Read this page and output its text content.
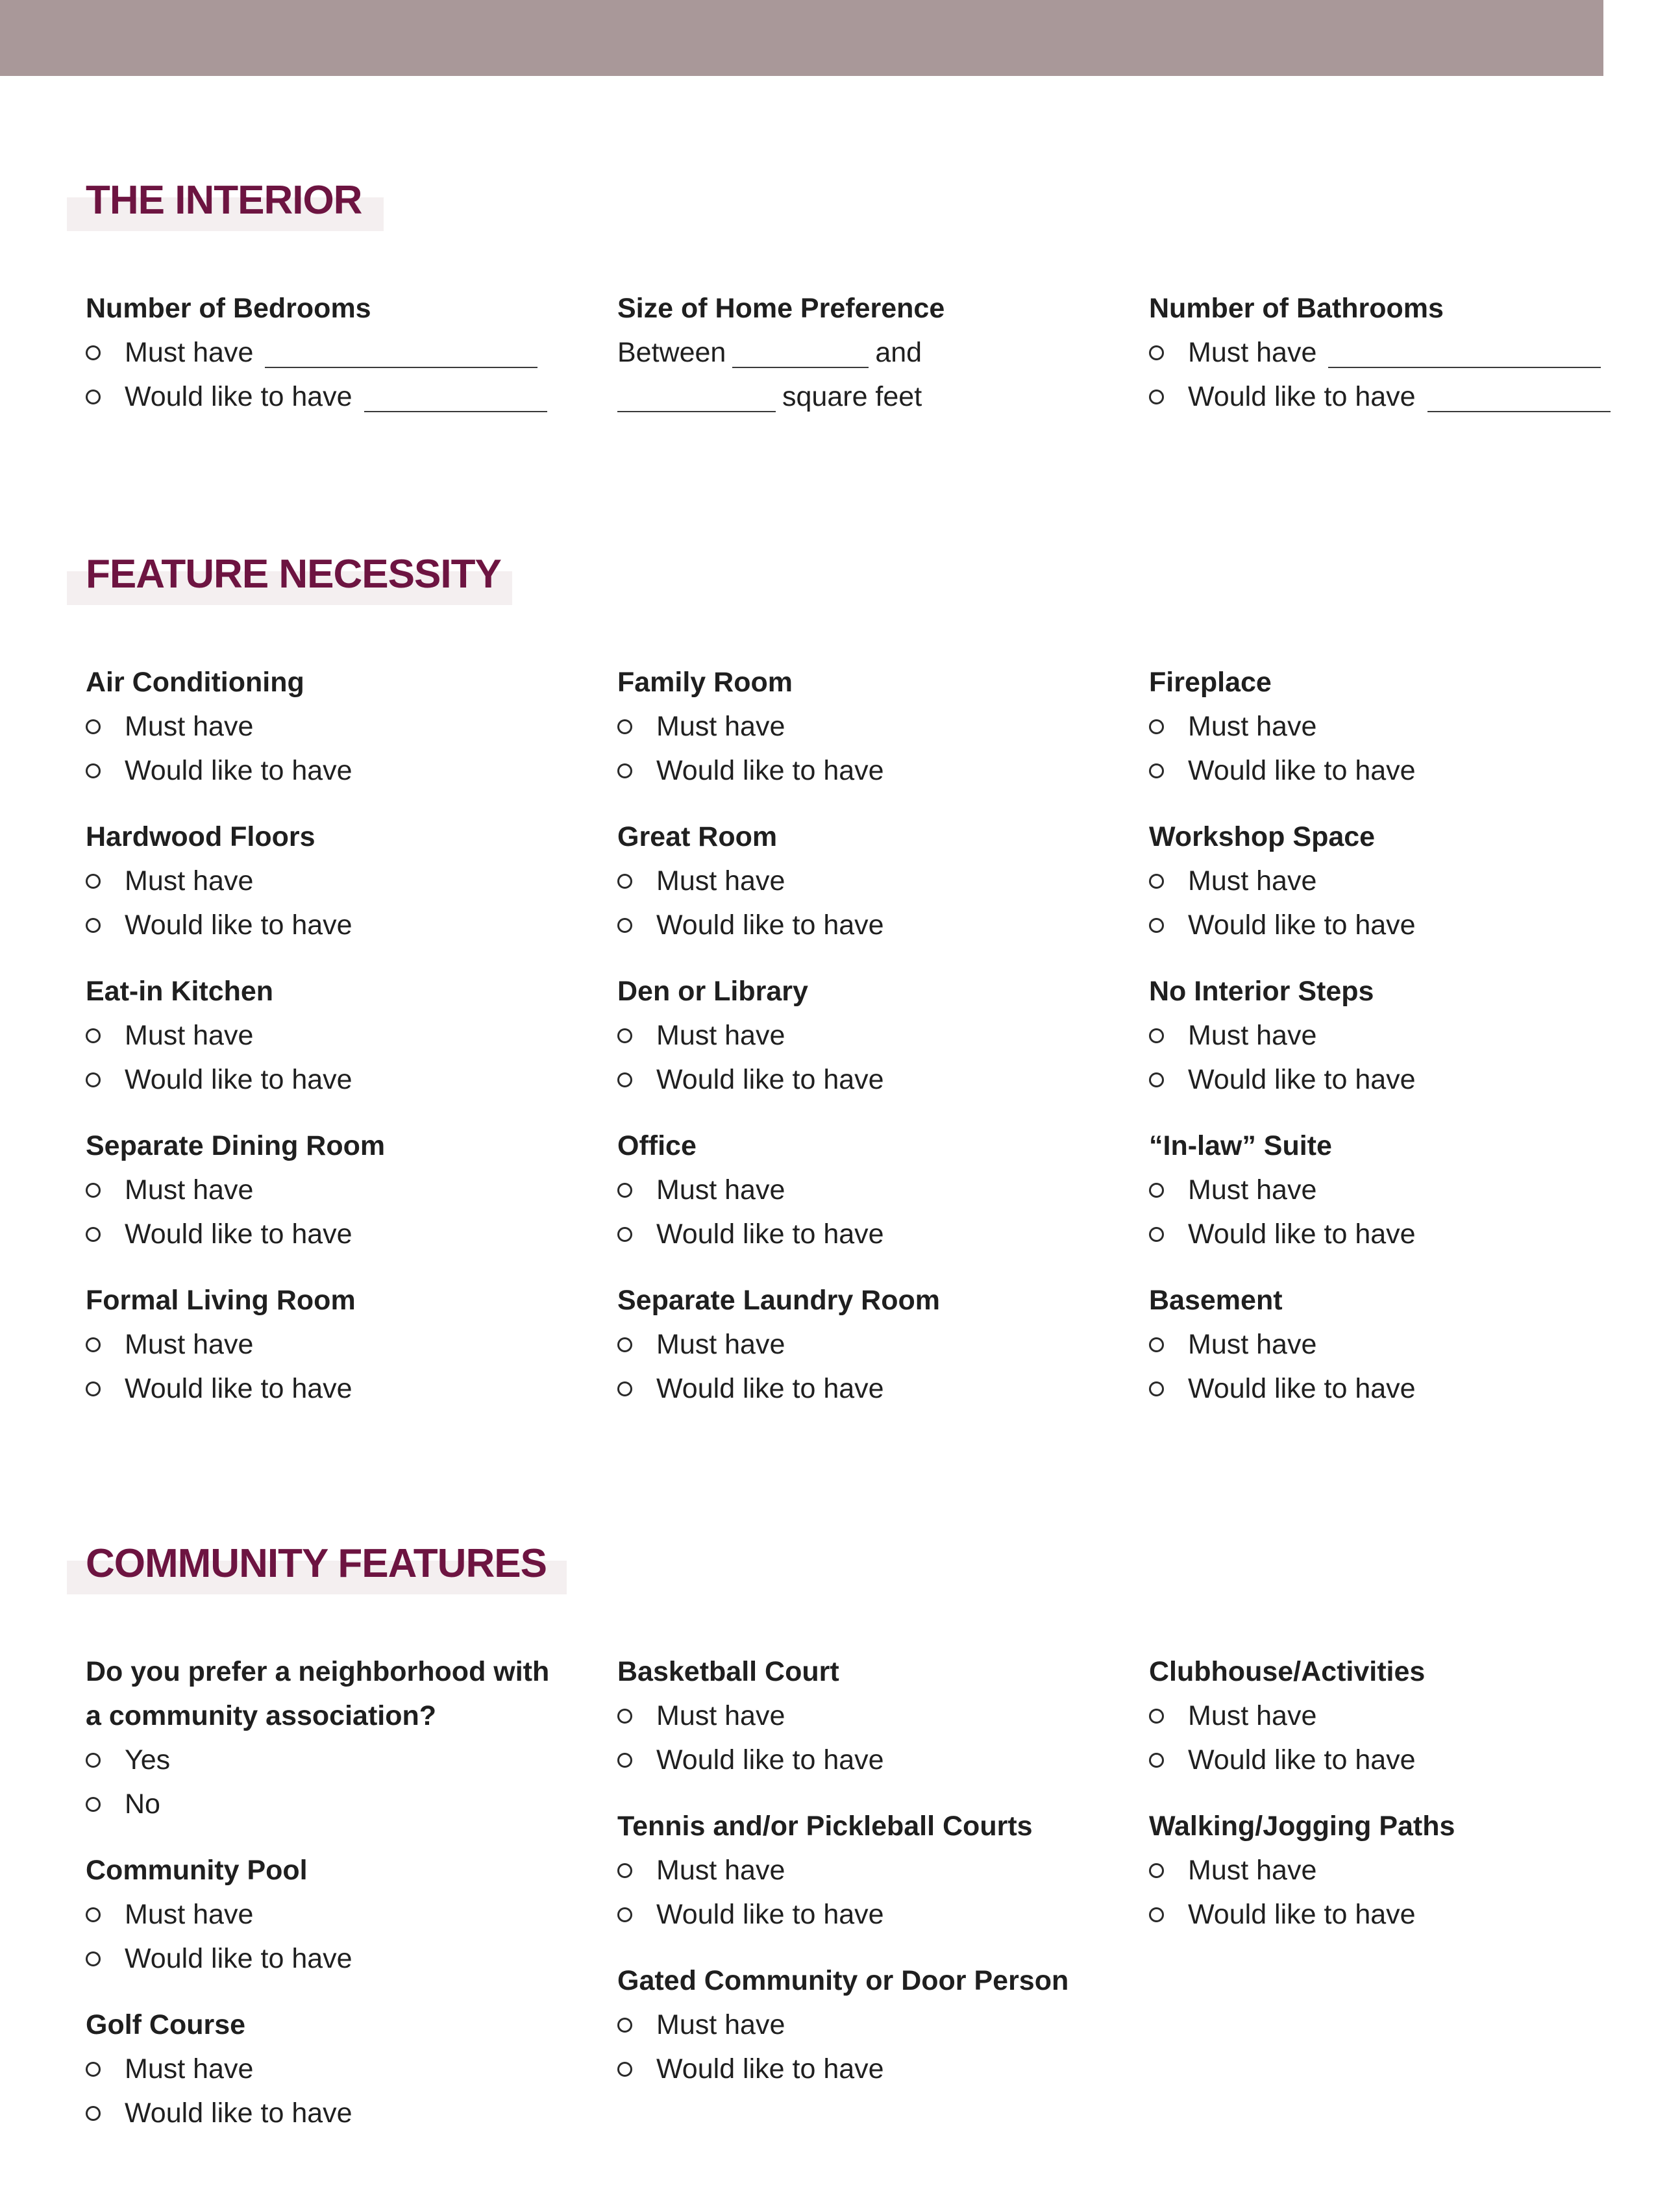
THE INTERIOR
Number of Bedrooms
Must have
Would like to have
Size of Home Preference
Between	and
square feet
Number of Bathrooms
Must have
Would like to have
FEATURE NECESSITY
Air Conditioning
Must have
Would like to have
Hardwood Floors
Must have
Would like to have
Eat-in Kitchen
Must have
Would like to have
Separate Dining Room
Must have
Would like to have
Formal Living Room
Must have
Would like to have
Family Room
Must have
Would like to have
Great Room
Must have
Would like to have
Den or Library
Must have
Would like to have
Office
Must have
Would like to have
Separate Laundry Room
Must have
Would like to have
Fireplace
Must have
Would like to have
Workshop Space
Must have
Would like to have
No Interior Steps
Must have
Would like to have
“In-law” Suite
Must have
Would like to have
Basement
Must have
Would like to have
COMMUNITY FEATURES
Do you prefer a neighborhood with a community association?
Yes
No
Community Pool
Must have
Would like to have
Golf Course
Must have
Would like to have
Basketball Court
Must have
Would like to have
Tennis and/or Pickleball Courts
Must have
Would like to have
Gated Community or Door Person
Must have
Would like to have
Clubhouse/Activities
Must have
Would like to have
Walking/Jogging Paths
Must have
Would like to have
